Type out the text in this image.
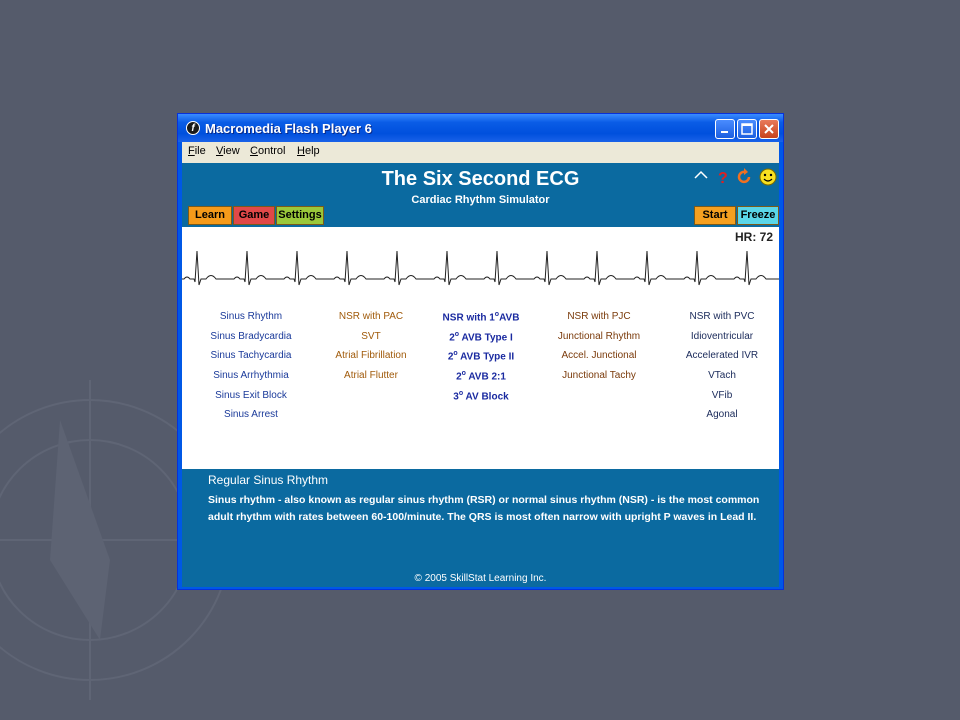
f Macromedia Flash Player 6
File View Control Help
The Six Second ECG
Cardiac Rhythm Simulator
?
Learn	Game Settings	Start	Freeze
HR: 72
Sinus Rhythm
Sinus Bradycardia
Sinus Tachycardia
Sinus Arrhythmia
Sinus Exit Block
Sinus Arrest
NSR with PAC
SVT
Atrial Fibrillation
Atrial Flutter
NSR with 1$^o$AVB
2$^o$ AVB Type I
2$^o$ AVB Type II
2$^o$ AVB 2:1
3$^o$ AV Block
NSR with PJC
Junctional Rhythm
Accel. Junctional
Junctional Tachy
NSR with PVC
Idioventricular
Accelerated IVR
VTach
VFib
Agonal
Regular Sinus Rhythm
Sinus rhythm - also known as regular sinus rhythm (RSR) or normal sinus rhythm (NSR) - is the most common adult rhythm with rates between 60-100/minute. The QRS is most often narrow with upright P waves in Lead II.
© 2005 SkillStat Learning Inc.
